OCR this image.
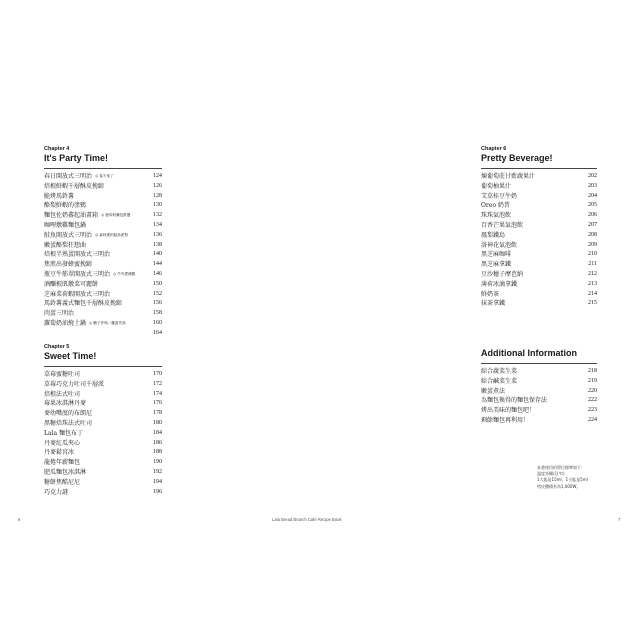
Chapter 4
It's Party Time!
春日開放式三明治 ◎ 春天來了	124
焙根鮮蝦千層酥皮挽蹄	126
脆烤馬鈴薯	128
酪梨鮮蝦的塗鴉	130
麵包佐奶蕃起油畫箱 ◎ 鹿馬粉藥包酢醬	132
咖哩燉雞麵包鍋	134
鮭魚開放式三明治 ◎ 森林裡的鮭魚派對	136
嫩蛋酪梨狂想曲	138
焙根半熟蛋開放式三明治	140
焦煎出發蜂蜜挽蹄	144
瓶豆牛筋翠開放式三明治 ◎ 牛肉愛薇蝦	146
酒釀根肌燉菜可麗餅	150
芝麻菜荷蝦開放式三明治	152
馬鈴薯義式麵包千層酥皮挽蹄	156
肉蛋三明治	158
蘿蔔奶油燒土鍋 ◎ 鮪子作與／蘿蔔作曲	160
164
Chapter 5
Sweet Time!
草莓蜜糖吐司	170
草莓巧克力吐司千層派	172
焙根法式吐司	174
莓果冰淇淋丹麥	176
麥幼嘴度的布朗尼	178
黑糖焙珠法式吐司	180
Lala 麵包布丁	184
丹麥紅瓜夾心	186
丹麥鬆宮冰	188
龍捲年薪麵包	190
肥瓜麵包冰淇淋	192
糖餅焦酷尼尼	194
巧克力謎	196
Chapter 6
Pretty Beverage!
煉葡萄莊甘藍蔬果汁	202
葡萄柚果汁	203
艾草桂豆牛奶	204
Oreo 奶昔	205
珠珠氣泡飲	206
百香芒果氣泡飲	207
鳳梨鐵島	208
洛神花氣泡飲	209
黑芝麻咖啡	210
黑芝麻拿鐵	211
豆沙穗子摩芭納	212
薄荷冰滴拿鐵	213
鮮奶茶	214
抹茶拿鐵	215
Additional Information
綜合蔬菜生菜	218
綜合鹹菜生菜	219
嫩蛋煮法	220
為麵包換得的麵包保存法	222
烤出美味的麵包吧！	223
剩餘麵包再利用！	224
本書使用的單位標準如下：
溫度皆攝氏(℃)
1大匙是15ml，1小匙是5ml
烤皮體積有為1,000W。
6	Lala Bread Brunch Cafe Recipe Book	7
